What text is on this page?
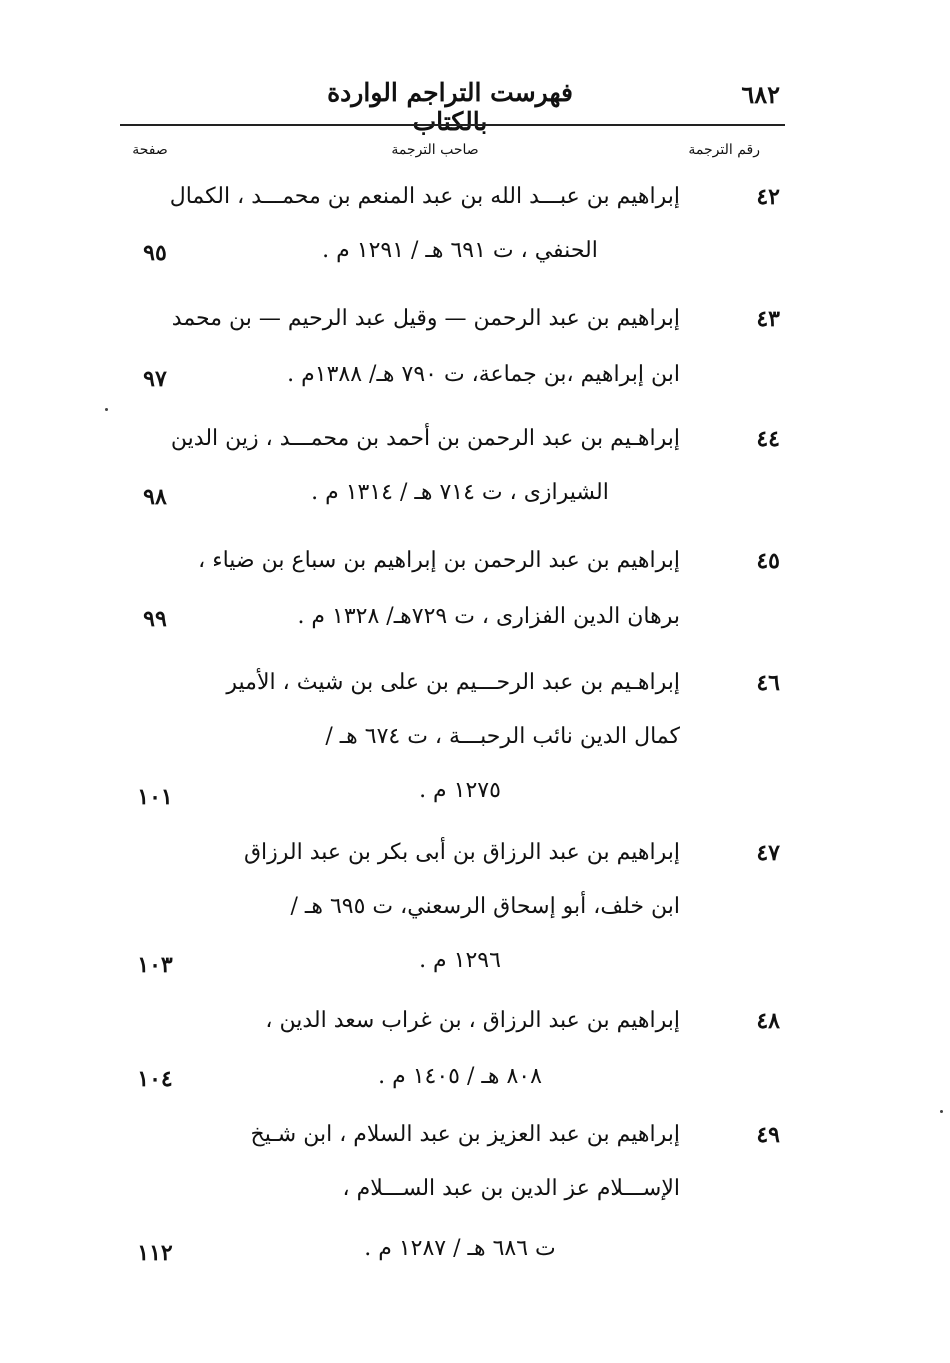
فهرست التراجم الواردة بالكتاب
٦٨٢
رقم الترجمة
صاحب الترجمة
صفحة
٤٢
إبراهيم بن عبـــد الله بن عبد المنعم بن محمـــد ، الكمال
الحنفي ، ت ٦٩١ هـ / ١٢٩١ م .
٩٥
٤٣
إبراهيم بن عبد الرحمن — وقيل عبد الرحيم — بن محمد
ابن إبراهيم ،بن جماعة، ت ٧٩٠ هـ/ ١٣٨٨م .
٩٧
٤٤
إبراهـيم بن عبد الرحمن بن أحمد بن محمـــد ، زين الدين
الشيرازى ، ت ٧١٤ هـ / ١٣١٤ م .
٩٨
٤٥
إبراهيم بن عبد الرحمن بن إبراهيم بن سباع بن ضياء ،
برهان الدين الفزارى ، ت ٧٢٩هـ/ ١٣٢٨ م .
٩٩
٤٦
إبراهـيم بن عبد الرحـــيم بن على بن شيث ، الأمير
كمال الدين نائب الرحبـــة ، ت ٦٧٤ هـ /
١٢٧٥ م .
١٠١
٤٧
إبراهيم بن عبد الرزاق بن أبى بكر بن عبد الرزاق
ابن خلف، أبو إسحاق الرسعني، ت ٦٩٥ هـ /
١٢٩٦ م .
١٠٣
٤٨
إبراهيم بن عبد الرزاق ، بن غراب سعد الدين ،
٨٠٨ هـ / ١٤٠٥ م .
١٠٤
٤٩
إبراهيم بن عبد العزيز بن عبد السلام ، ابن شـيخ
الإســـلام عز الدين بن عبد الســـلام ،
ت ٦٨٦ هـ / ١٢٨٧ م .
١١٢
